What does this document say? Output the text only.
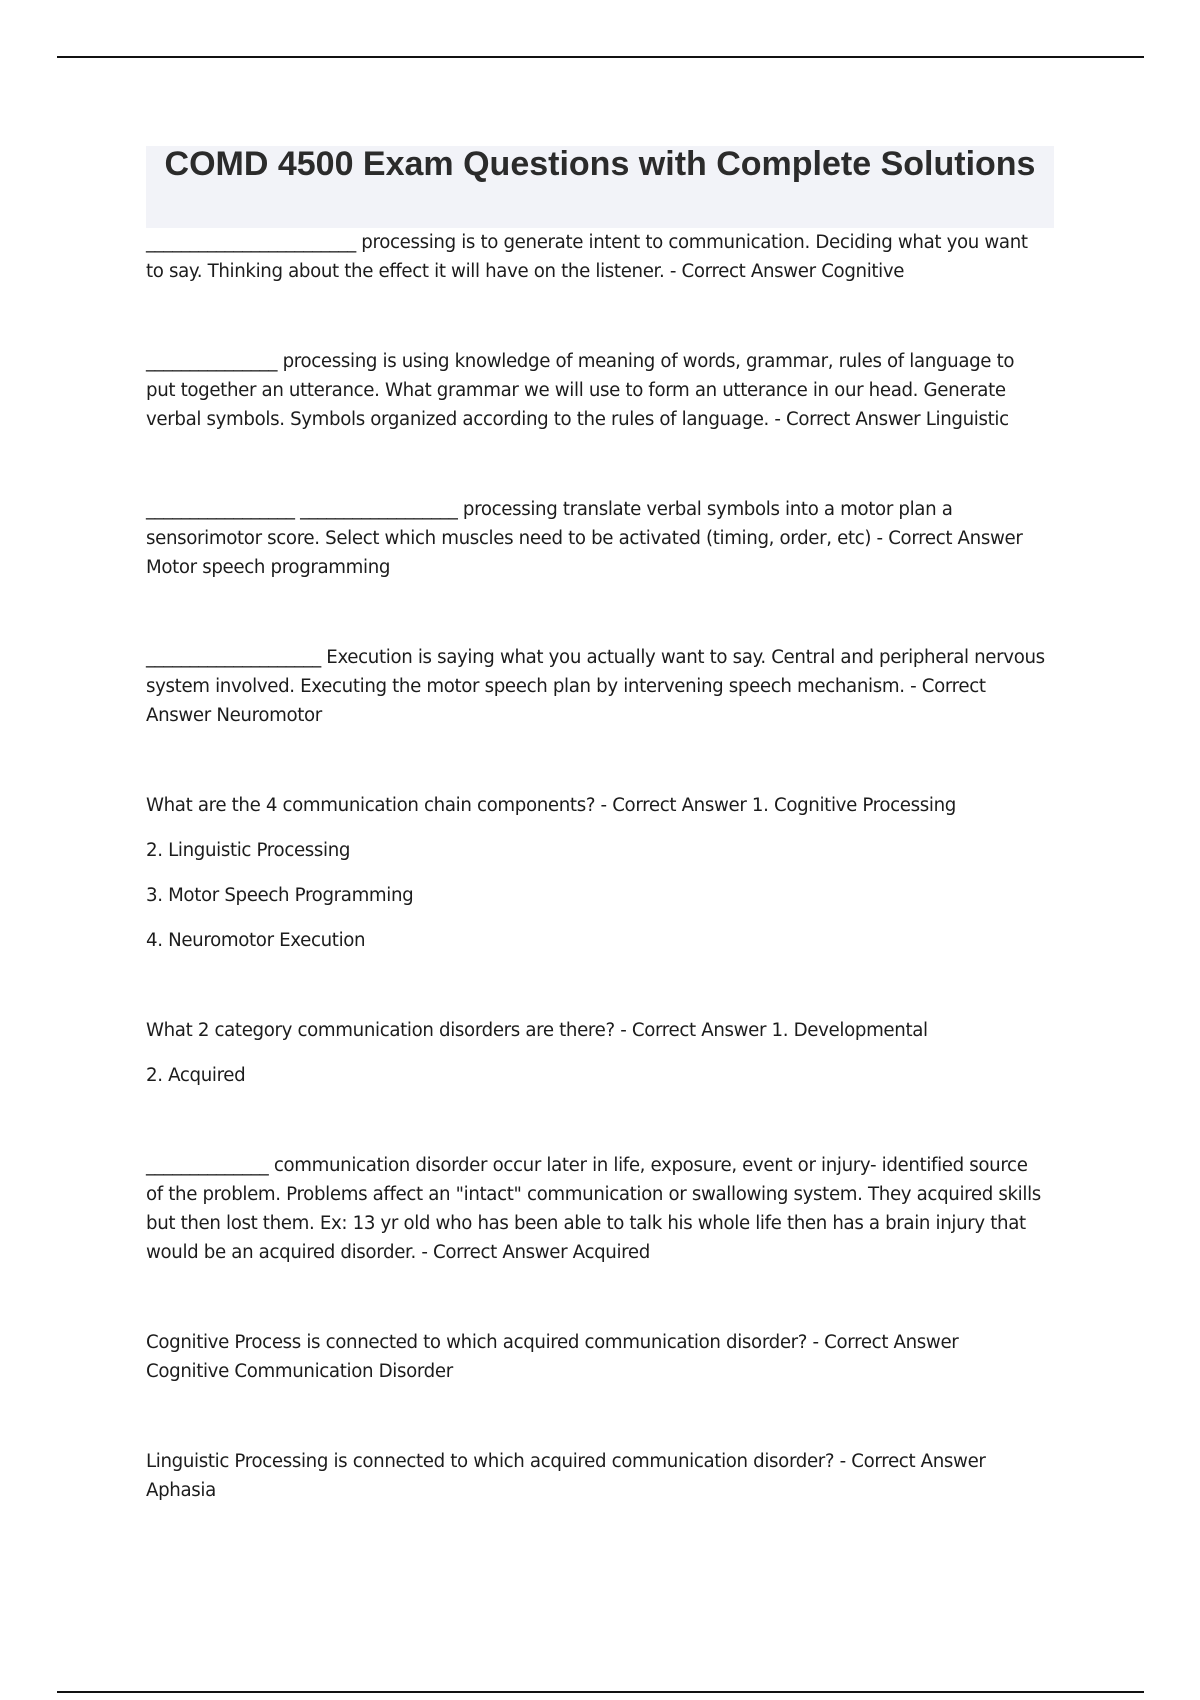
COMD 4500 Exam Questions with Complete Solutions

________________________ processing is to generate intent to communication. Deciding what you want to say. Thinking about the effect it will have on the listener. - Correct Answer Cognitive

_______________ processing is using knowledge of meaning of words, grammar, rules of language to put together an utterance. What grammar we will use to form an utterance in our head. Generate verbal symbols. Symbols organized according to the rules of language. - Correct Answer Linguistic

_________________ __________________ processing translate verbal symbols into a motor plan a sensorimotor score. Select which muscles need to be activated (timing, order, etc) - Correct Answer Motor speech programming

____________________ Execution is saying what you actually want to say. Central and peripheral nervous system involved. Executing the motor speech plan by intervening speech mechanism. - Correct Answer Neuromotor

What are the 4 communication chain components? - Correct Answer 1. Cognitive Processing

2. Linguistic Processing

3. Motor Speech Programming

4. Neuromotor Execution

What 2 category communication disorders are there? - Correct Answer 1. Developmental

2. Acquired

______________ communication disorder occur later in life, exposure, event or injury- identified source of the problem. Problems affect an "intact" communication or swallowing system. They acquired skills but then lost them. Ex: 13 yr old who has been able to talk his whole life then has a brain injury that would be an acquired disorder. - Correct Answer Acquired

Cognitive Process is connected to which acquired communication disorder? - Correct Answer Cognitive Communication Disorder

Linguistic Processing is connected to which acquired communication disorder? - Correct Answer Aphasia
